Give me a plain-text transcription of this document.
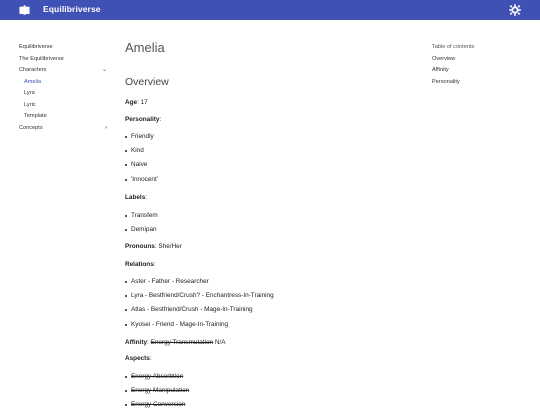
Equilibriverse
Equilibriverse
The Equilibriverse
Characters	⌄
Amelia
Lyra
Lyric
Template
Concepts	›
Table of contents
Overview
Affinity
Personality
Amelia
Overview
Age: 17
Personality:
Friendly
Kind
Naive
'Innocent'
Labels:
Transfem
Demipan
Pronouns: She/Her
Relations:
Aster - Father - Researcher
Lyra - Bestfriend/Crush? - Enchantress-In-Training
Atlas - Bestfriend/Crush - Mage-In-Training
Kyosei - Friend - Mage-In-Training
Affinity: Energy Transmutation N/A
Aspects:
Energy Absorbtion
Energy Manipulation
Energy Conversion
